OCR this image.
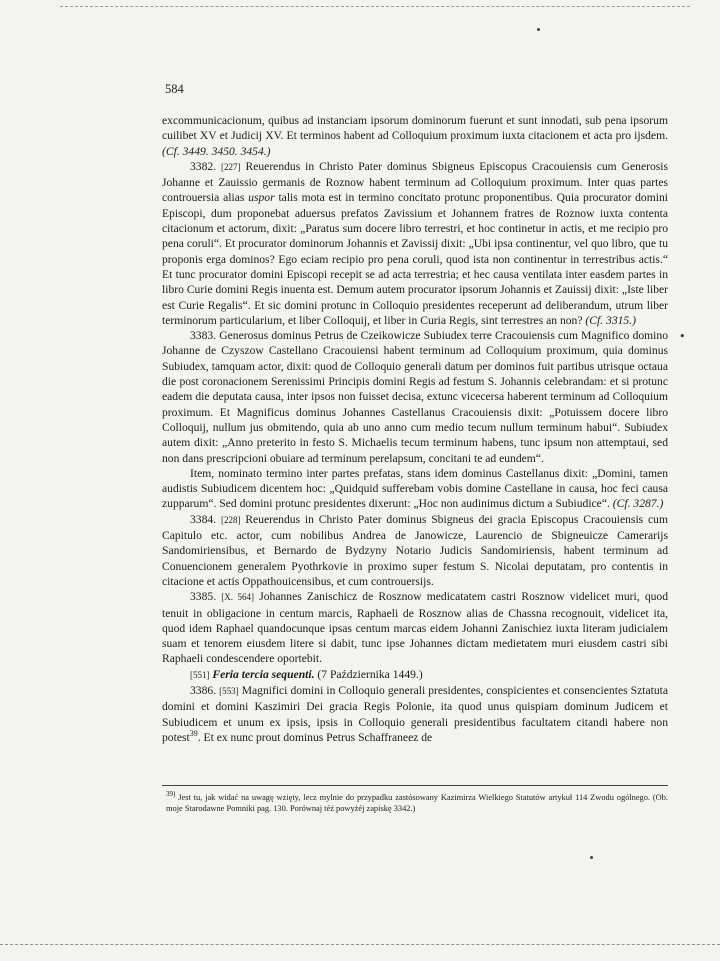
584

excommunicacionum, quibus ad instanciam ipsorum dominorum fuerunt et sunt innodati, sub pena ipsorum cuilibet XV et Judicij XV. Et terminos habent ad Colloquium proximum iuxta citacionem et acta pro ijsdem. (Cf. 3449. 3450. 3454.)

3382. [227] Reuerendus in Christo Pater dominus Sbigneus Episcopus Cracouiensis cum Generosis Johanne et Zauissio germanis de Roznow habent terminum ad Colloquium proximum. Inter quas partes controuersia alias uspor talis mota est in termino concitato protunc proponentibus. Quia procurator domini Episcopi, dum proponebat aduersus prefatos Zavissium et Johannem fratres de Roznow iuxta contenta citacionum et actorum, dixit: „Paratus sum docere libro terrestri, et hoc continetur in actis, et me recipio pro pena coruli“. Et procurator dominorum Johannis et Zavissij dixit: „Ubi ipsa continentur, vel quo libro, que tu proponis erga dominos? Ego eciam recipio pro pena coruli, quod ista non continentur in terrestribus actis.“ Et tunc procurator domini Episcopi recepit se ad acta terrestria; et hec causa ventilata inter easdem partes in libro Curie domini Regis inuenta est. Demum autem procurator ipsorum Johannis et Zauissij dixit: „Iste liber est Curie Regalis“. Et sic domini protunc in Colloquio presidentes receperunt ad deliberandum, utrum liber terminorum particularium, et liber Colloquij, et liber in Curia Regis, sint terrestres an non? (Cf. 3315.)

3383. Generosus dominus Petrus de Czeikowicze Subiudex terre Cracouiensis cum Magnifico domino Johanne de Czyszow Castellano Cracouiensi habent terminum ad Colloquium proximum, quia dominus Subiudex, tamquam actor, dixit: quod de Colloquio generali datum per dominos fuit partibus utrisque octaua die post coronacionem Serenissimi Principis domini Regis ad festum S. Johannis celebrandam: et si protunc eadem die deputata causa, inter ipsos non fuisset decisa, extunc vicecersa haberent terminum ad Colloquium proximum. Et Magnificus dominus Johannes Castellanus Cracouiensis dixit: „Potuissem docere libro Colloquij, nullum jus obmitendo, quia ab uno anno cum medio tecum nullum terminum habui“. Subiudex autem dixit: „Anno preterito in festo S. Michaelis tecum terminum habens, tunc ipsum non attemptaui, sed non dans prescripcioni obuiare ad terminum perelapsum, concitani te ad eundem“.

Item, nominato termino inter partes prefatas, stans idem dominus Castellanus dixit: „Domini, tamen audistis Subiudicem dicentem hoc: „Quidquid sufferebam vobis domine Castellane in causa, hoc feci causa zupparum“. Sed domini protunc presidentes dixerunt: „Hoc non audinimus dictum a Subiudice“. (Cf. 3287.)

3384. [228] Reuerendus in Christo Pater dominus Sbigneus dei gracia Episcopus Cracouiensis cum Capitulo etc. actor, cum nobilibus Andrea de Janowicze, Laurencio de Sbigneuicze Camerarijs Sandomiriensibus, et Bernardo de Bydzyny Notario Judicis Sandomiriensis, habent terminum ad Conuencionem generalem Pyothrkovie in proximo super festum S. Nicolai deputatam, pro contentis in citacione et actis Oppathouicensibus, et cum controuersijs.

3385. [X. 564] Johannes Zanischicz de Rosznow medicatatem castri Rosznow videlicet muri, quod tenuit in obligacione in centum marcis, Raphaeli de Rosznow alias de Chassna recognouit, videlicet ita, quod idem Raphael quandocunque ipsas centum marcas eidem Johanni Zanischiez iuxta literam judicialem suam et tenorem eiusdem litere si dabit, tunc ipse Johannes dictam medietatem muri eiusdem castri sibi Raphaeli condescendere oportebit.

[551] Feria tercia sequenti. (7 Października 1449.)

3386. [553] Magnifici domini in Colloquio generali presidentes, conspicientes et consencientes Sztatuta domini et domini Kaszimiri Dei gracia Regis Polonie, ita quod unus quispiam dominum Judicem et Subiudicem et unum ex ipsis, ipsis in Colloquio generali presidentibus facultatem citandi habere non potest$^{39}$. Et ex nunc prout dominus Petrus Schaffraneez de

$^{39)}$ Jest tu, jak widać na uwagę wzięty, lecz mylnie do przypadku zastósowany Kazimirza Wielkiego Statutów artykuł 114 Zwodu ogólnego. (Ob. moje Starodawne Pomniki pag. 130. Porównaj téż powyżéj zapiskę 3342.)
•
